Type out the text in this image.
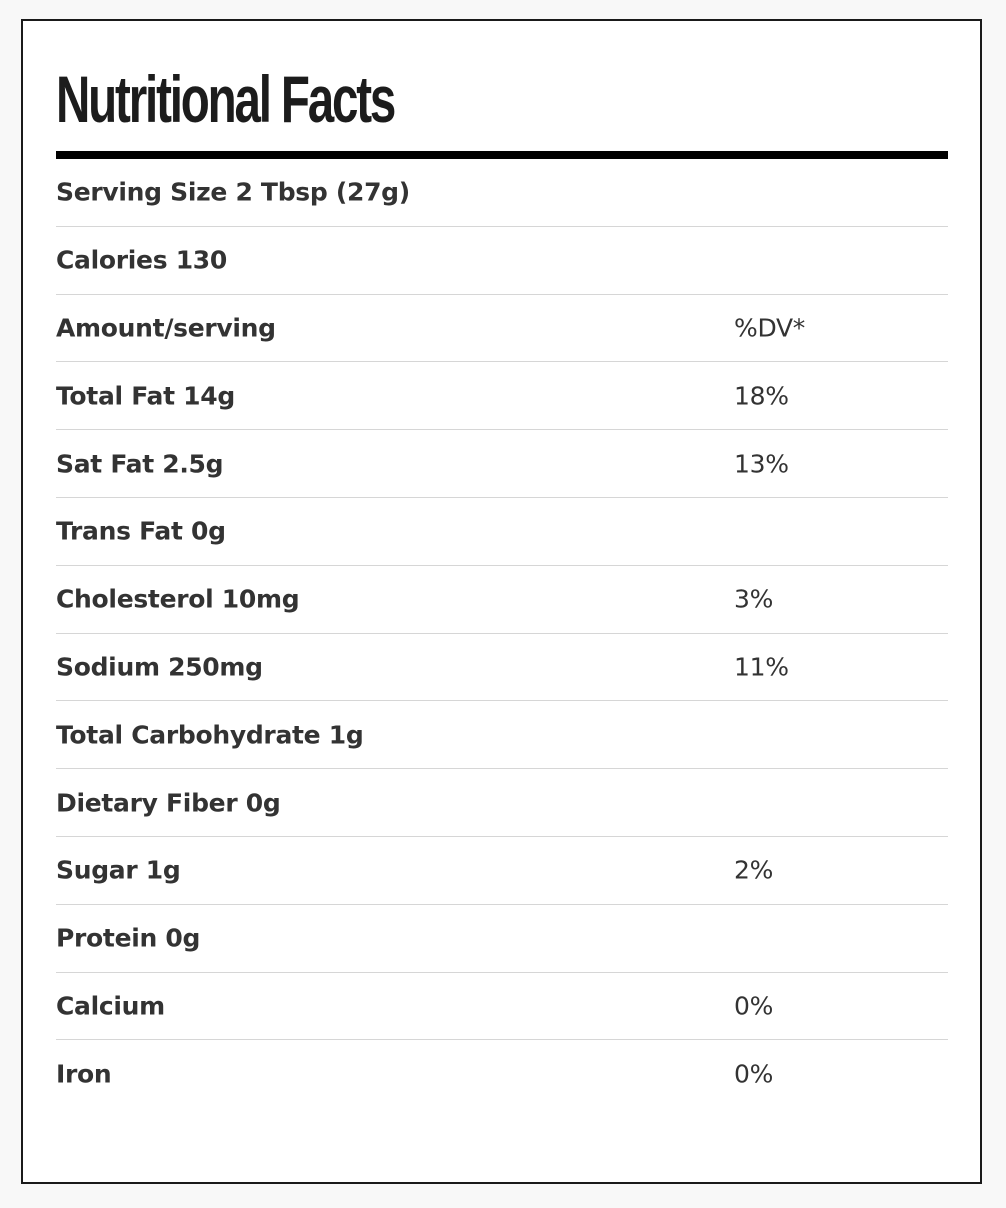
Nutritional Facts
Serving Size 2 Tbsp (27g)
Calories 130
Amount/serving	%DV*
Total Fat 14g	18%
Sat Fat 2.5g	13%
Trans Fat 0g
Cholesterol 10mg	3%
Sodium 250mg	11%
Total Carbohydrate 1g
Dietary Fiber 0g
Sugar 1g	2%
Protein 0g
Calcium	0%
Iron	0%
